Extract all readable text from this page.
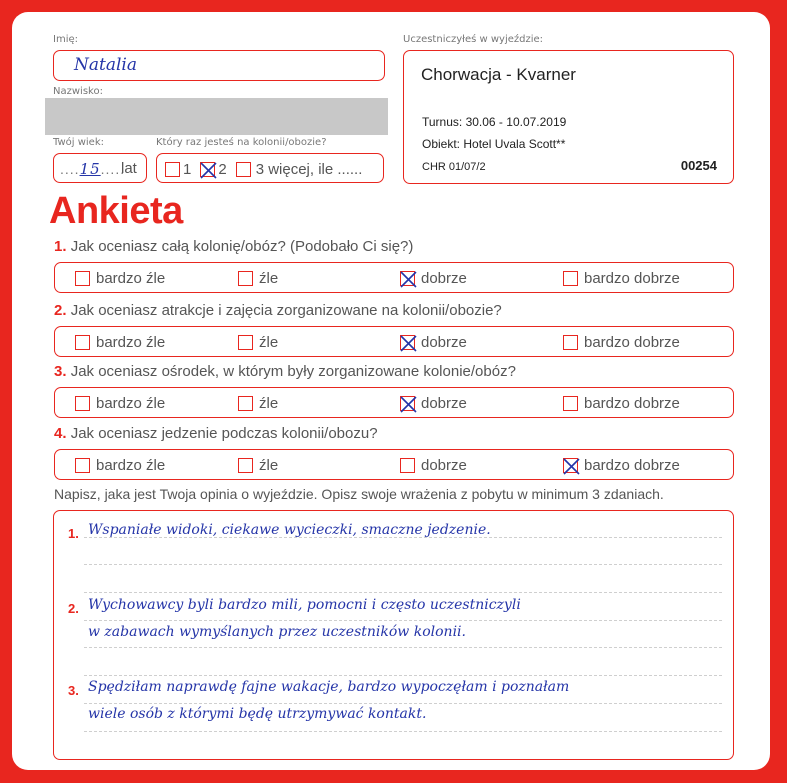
Imię:
Natalia
Nazwisko:
Twój wiek:
....15.....
lat
Który raz jesteś na kolonii/obozie?
1 2 3 więcej, ile ......
Uczestniczyłeś w wyjeździe:
Chorwacja - Kvarner
Turnus: 30.06 - 10.07.2019
Obiekt: Hotel Uvala Scott**
CHR 01/07/2	00254
Ankieta
1. Jak oceniasz całą kolonię/obóz? (Podobało Ci się?)
bardzo źle	źle	dobrze	bardzo dobrze
2. Jak oceniasz atrakcje i zajęcia zorganizowane na kolonii/obozie?
bardzo źle	źle	dobrze	bardzo dobrze
3. Jak oceniasz ośrodek, w którym były zorganizowane kolonie/obóz?
bardzo źle	źle	dobrze	bardzo dobrze
4. Jak oceniasz jedzenie podczas kolonii/obozu?
bardzo źle	źle	dobrze	bardzo dobrze
Napisz, jaka jest Twoja opinia o wyjeździe. Opisz swoje wrażenia z pobytu w minimum 3 zdaniach.
1. Wspaniałe widoki, ciekawe wycieczki, smaczne jedzenie.
2. Wychowawcy byli bardzo mili, pomocni i często uczestniczyli
w zabawach wymyślanych przez uczestników kolonii.
3. Spędziłam naprawdę fajne wakacje, bardzo wypoczęłam i poznałam
wiele osób z którymi będę utrzymywać kontakt.
